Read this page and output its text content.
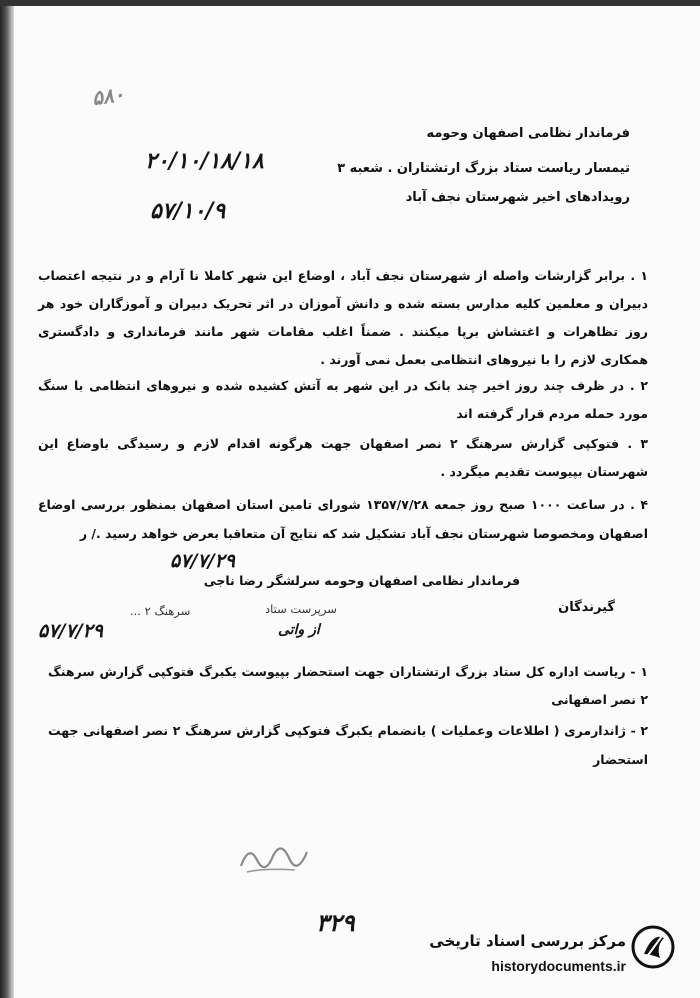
۵۸۰
۲۰/۱۰/۱۸/۱۸
۵۷/۱۰/۹
فرماندار نظامی اصفهان وحومه
تیمسار ریاست ستاد بزرگ ارتشتاران . شعبه ۳
رویدادهای اخیر شهرستان نجف آباد
۱ . برابر گزارشات واصله از شهرستان نجف آباد ، اوضاع این شهر کاملا نا آرام و در نتیجه اعتصاب دبیران و معلمین کلیه مدارس بسته شده و دانش آموزان در اثر تحریک دبیران و آموزگاران خود هر روز تظاهرات و اغتشاش برپا میکنند . ضمناً اغلب مقامات شهر مانند فرمانداری و دادگستری همکاری لازم را با نیروهای انتظامی بعمل نمی آورند .
۲ . در ظرف چند روز اخیر چند بانک در این شهر به آتش کشیده شده و نیروهای انتظامی با سنگ مورد حمله مردم قرار گرفته اند
۳ . فتوکپی گزارش سرهنگ ۲ نصر اصفهان جهت هرگونه اقدام لازم و رسیدگی باوضاع این شهرستان بپیوست تقدیم میگردد .
۴ . در ساعت ۱۰۰۰ صبح روز جمعه ۱۳۵۷/۷/۲۸ شورای تامین استان اصفهان بمنظور بررسی اوضاع اصفهان ومخصوصا شهرستان نجف آباد تشکیل شد که نتایج آن متعاقبا بعرض خواهد رسید ./ ر
۵۷/۷/۲۹
فرماندار نظامی اصفهان وحومه سرلشگر رضا ناجی
سرهنگ ۲ ...
۵۷/۷/۲۹
سرپرست ستاد
از واتی
گیرندگان
۱ - ریاست اداره کل ستاد بزرگ ارتشتاران جهت استحضار بپیوست یکبرگ فتوکپی گزارش سرهنگ ۲ نصر اصفهانی
۲ - ژاندارمری ( اطلاعات وعملیات ) بانضمام یکبرگ فتوکپی گزارش سرهنگ ۲ نصر اصفهانی جهت استحضار
۳۲۹
مرکز بررسی اسناد تاریخی
historydocuments.ir
